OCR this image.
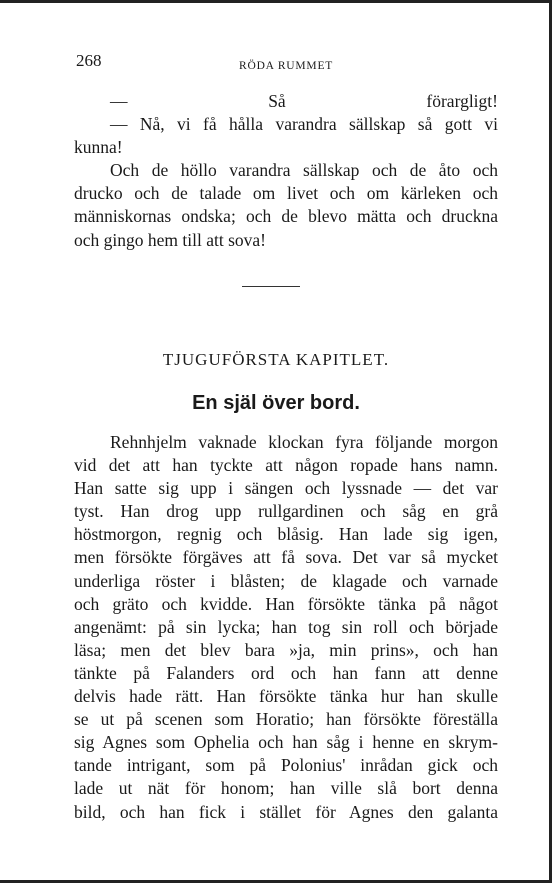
268	RÖDA RUMMET
— Så förargligt!
— Nå, vi få hålla varandra sällskap så gott vi
kunna!
Och de höllo varandra sällskap och de åto och
drucko och de talade om livet och om kärleken och
människornas ondska; och de blevo mätta och druckna
och gingo hem till att sova!
TJUGUFÖRSTA KAPITLET.
En själ över bord.
Rehnhjelm vaknade klockan fyra följande morgon
vid det att han tyckte att någon ropade hans namn.
Han satte sig upp i sängen och lyssnade — det var
tyst. Han drog upp rullgardinen och såg en grå
höstmorgon, regnig och blåsig. Han lade sig igen,
men försökte förgäves att få sova. Det var så mycket
underliga röster i blåsten; de klagade och varnade
och gräto och kvidde. Han försökte tänka på något
angenämt: på sin lycka; han tog sin roll och började
läsa; men det blev bara »ja, min prins», och han
tänkte på Falanders ord och han fann att denne
delvis hade rätt. Han försökte tänka hur han skulle
se ut på scenen som Horatio; han försökte föreställa
sig Agnes som Ophelia och han såg i henne en skrym-
tande intrigant, som på Polonius' inrådan gick och
lade ut nät för honom; han ville slå bort denna
bild, och han fick i stället för Agnes den galanta
